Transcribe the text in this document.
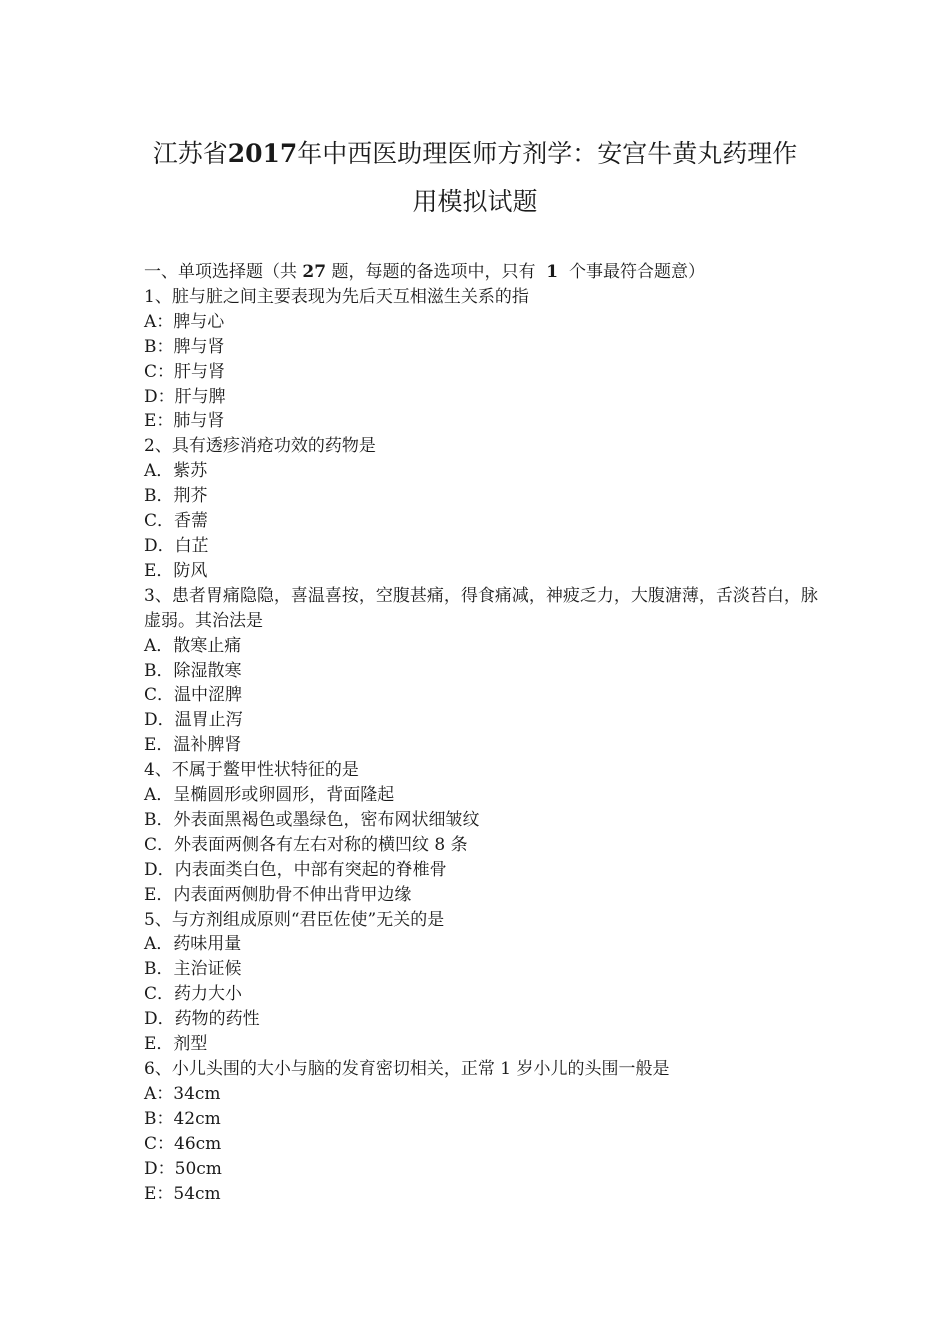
江苏省2017年中西医助理医师方剂学：安宫牛黄丸药理作
用模拟试题
一、单项选择题（共 27 题，每题的备选项中，只有 1 个事最符合题意）
1、脏与脏之间主要表现为先后天互相滋生关系的指
A：脾与心
B：脾与肾
C：肝与肾
D：肝与脾
E：肺与肾
2、具有透疹消疮功效的药物是
A．紫苏
B．荆芥
C．香薷
D．白芷
E．防风
3、患者胃痛隐隐，喜温喜按，空腹甚痛，得食痛减，神疲乏力，大腹溏薄，舌淡苔白，脉虚弱。其治法是
A．散寒止痛
B．除湿散寒
C．温中涩脾
D．温胃止泻
E．温补脾肾
4、不属于鳖甲性状特征的是
A．呈椭圆形或卵圆形，背面隆起
B．外表面黑褐色或墨绿色，密布网状细皱纹
C．外表面两侧各有左右对称的横凹纹 8 条
D．内表面类白色，中部有突起的脊椎骨
E．内表面两侧肋骨不伸出背甲边缘
5、与方剂组成原则“君臣佐使”无关的是
A．药味用量
B．主治证候
C．药力大小
D．药物的药性
E．剂型
6、小儿头围的大小与脑的发育密切相关，正常 1 岁小儿的头围一般是
A：34cm
B：42cm
C：46cm
D：50cm
E：54cm
